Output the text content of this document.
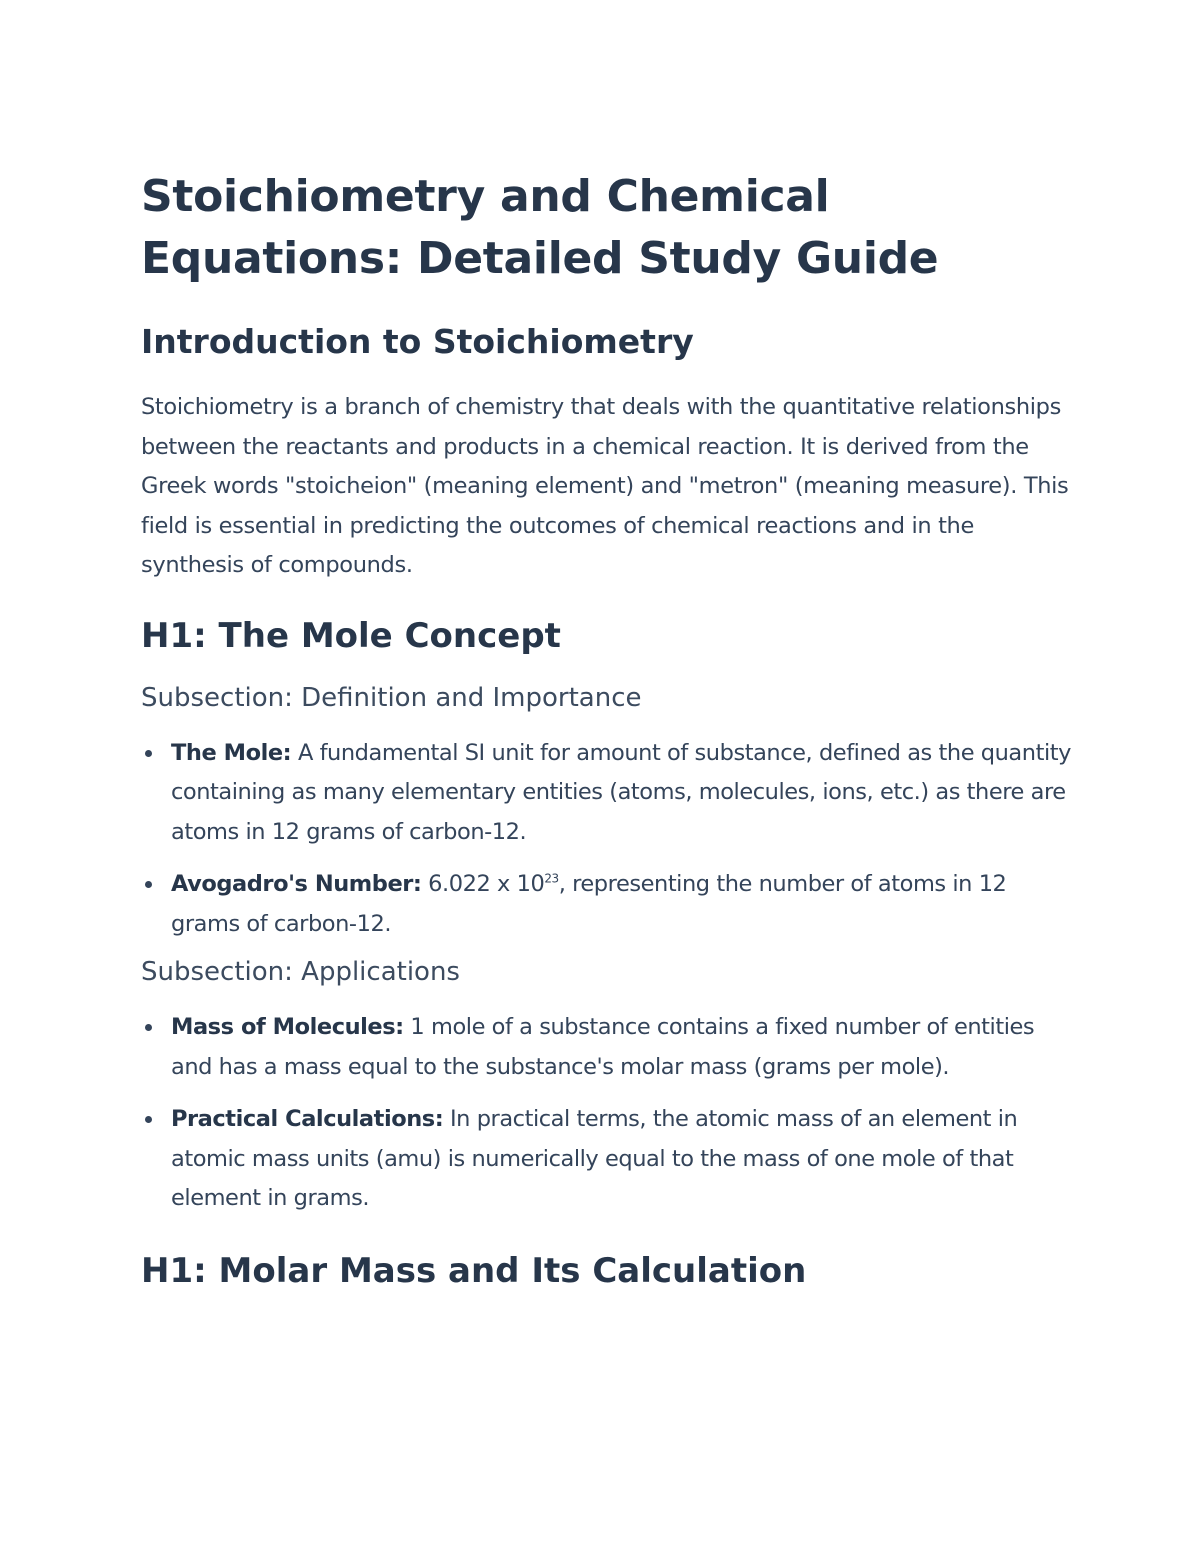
Stoichiometry and Chemical Equations: Detailed Study Guide
Introduction to Stoichiometry

Stoichiometry is a branch of chemistry that deals with the quantitative relationships between the reactants and products in a chemical reaction. It is derived from the Greek words "stoicheion" (meaning element) and "metron" (meaning measure). This field is essential in predicting the outcomes of chemical reactions and in the synthesis of compounds.

H1: The Mole Concept
Subsection: Definition and Importance
The Mole: A fundamental SI unit for amount of substance, defined as the quantity containing as many elementary entities (atoms, molecules, ions, etc.) as there are atoms in 12 grams of carbon-12.
Avogadro's Number: 6.022 x $10^{23}$, representing the number of atoms in 12 grams of carbon-12.
Subsection: Applications
Mass of Molecules: 1 mole of a substance contains a fixed number of entities and has a mass equal to the substance's molar mass (grams per mole).
Practical Calculations: In practical terms, the atomic mass of an element in atomic mass units (amu) is numerically equal to the mass of one mole of that element in grams.
H1: Molar Mass and Its Calculation
